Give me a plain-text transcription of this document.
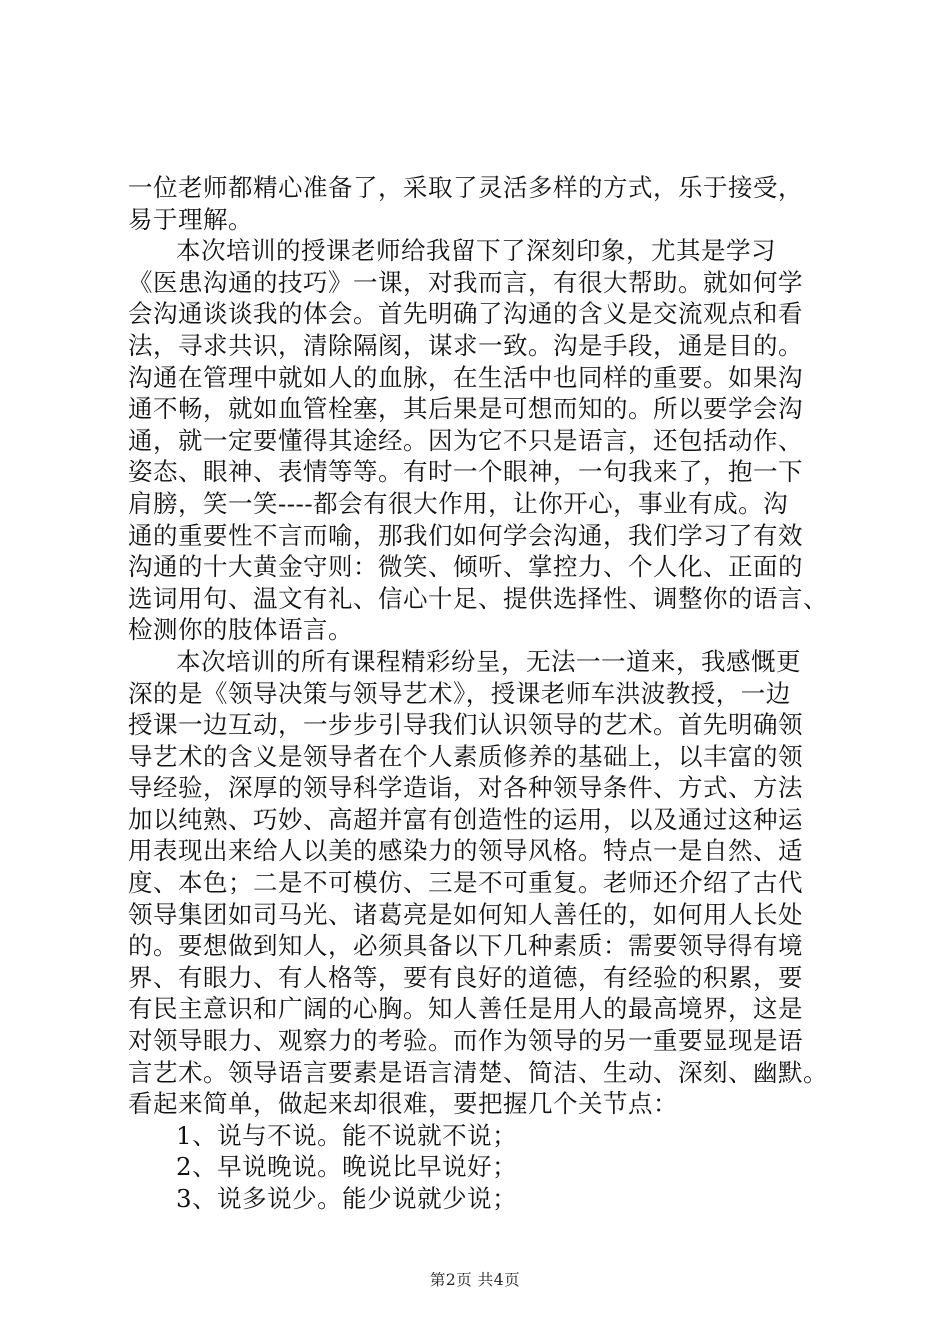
一位老师都精心准备了，采取了灵活多样的方式，乐于接受，
易于理解。
本次培训的授课老师给我留下了深刻印象，尤其是学习
《医患沟通的技巧》一课，对我而言，有很大帮助。就如何学
会沟通谈谈我的体会。首先明确了沟通的含义是交流观点和看
法，寻求共识，清除隔阂，谋求一致。沟是手段，通是目的。
沟通在管理中就如人的血脉，在生活中也同样的重要。如果沟
通不畅，就如血管栓塞，其后果是可想而知的。所以要学会沟
通，就一定要懂得其途经。因为它不只是语言，还包括动作、
姿态、眼神、表情等等。有时一个眼神，一句我来了，抱一下
肩膀，笑一笑----都会有很大作用，让你开心，事业有成。沟
通的重要性不言而喻，那我们如何学会沟通，我们学习了有效
沟通的十大黄金守则：微笑、倾听、掌控力、个人化、正面的
选词用句、温文有礼、信心十足、提供选择性、调整你的语言、
检测你的肢体语言。
本次培训的所有课程精彩纷呈，无法一一道来，我感慨更
深的是《领导决策与领导艺术》，授课老师车洪波教授，一边
授课一边互动，一步步引导我们认识领导的艺术。首先明确领
导艺术的含义是领导者在个人素质修养的基础上，以丰富的领
导经验，深厚的领导科学造诣，对各种领导条件、方式、方法
加以纯熟、巧妙、高超并富有创造性的运用，以及通过这种运
用表现出来给人以美的感染力的领导风格。特点一是自然、适
度、本色；二是不可模仿、三是不可重复。老师还介绍了古代
领导集团如司马光、诸葛亮是如何知人善任的，如何用人长处
的。要想做到知人，必须具备以下几种素质：需要领导得有境
界、有眼力、有人格等，要有良好的道德，有经验的积累，要
有民主意识和广阔的心胸。知人善任是用人的最高境界，这是
对领导眼力、观察力的考验。而作为领导的另一重要显现是语
言艺术。领导语言要素是语言清楚、简洁、生动、深刻、幽默。
看起来简单，做起来却很难，要把握几个关节点：
1、说与不说。能不说就不说；
2、早说晚说。晚说比早说好；
3、说多说少。能少说就少说；
第2页 共4页
